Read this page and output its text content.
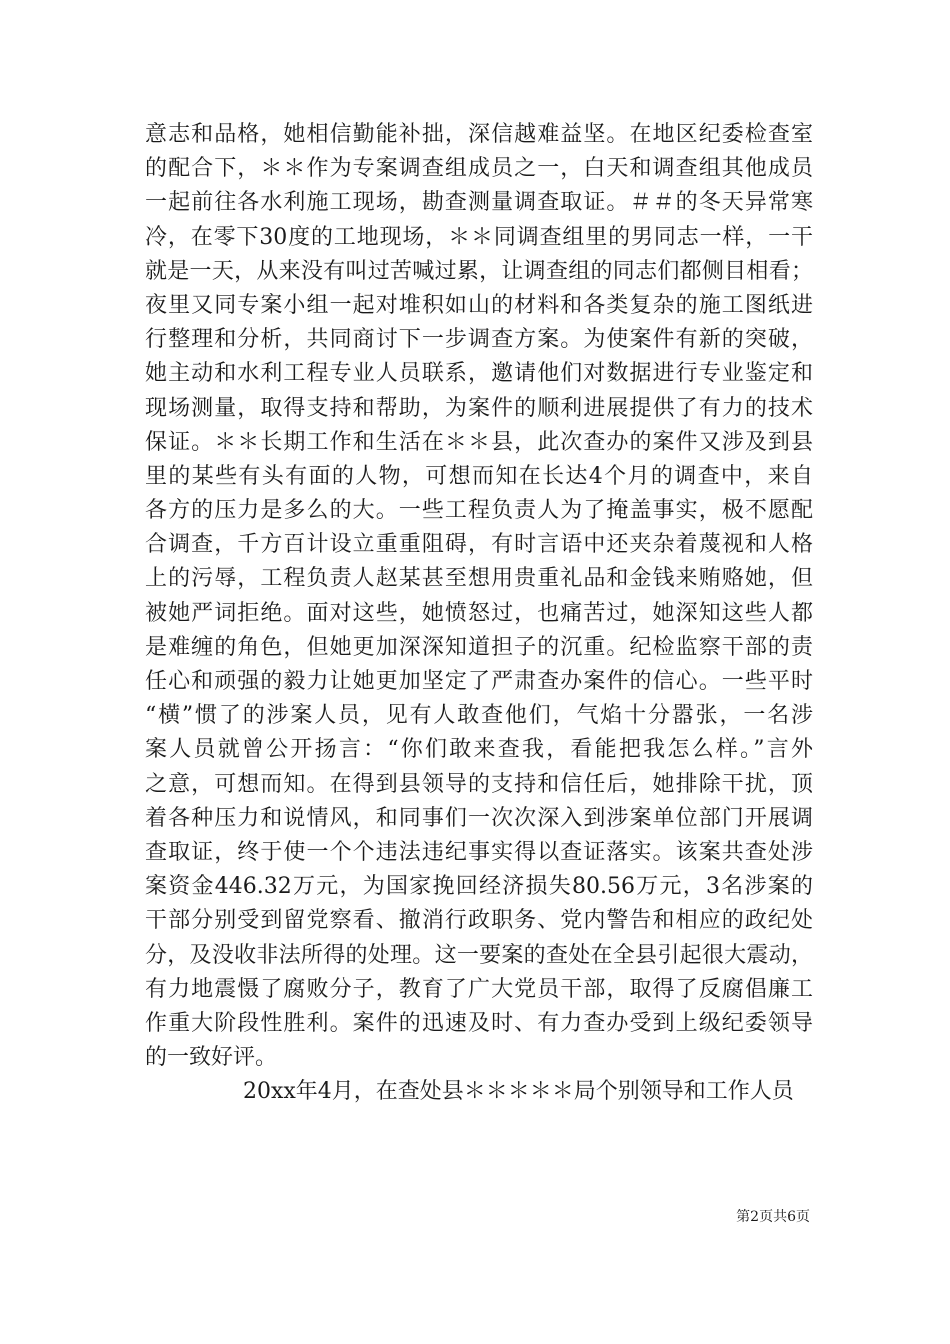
意志和品格，她相信勤能补拙，深信越难益坚。在地区纪委检查室
的配合下，＊＊作为专案调查组成员之一，白天和调查组其他成员
一起前往各水利施工现场，勘查测量调查取证。＃＃的冬天异常寒
冷，在零下30度的工地现场，＊＊同调查组里的男同志一样，一干
就是一天，从来没有叫过苦喊过累，让调查组的同志们都侧目相看；
夜里又同专案小组一起对堆积如山的材料和各类复杂的施工图纸进
行整理和分析，共同商讨下一步调查方案。为使案件有新的突破，
她主动和水利工程专业人员联系，邀请他们对数据进行专业鉴定和
现场测量，取得支持和帮助，为案件的顺利进展提供了有力的技术
保证。＊＊长期工作和生活在＊＊县，此次查办的案件又涉及到县
里的某些有头有面的人物，可想而知在长达4个月的调查中，来自
各方的压力是多么的大。一些工程负责人为了掩盖事实，极不愿配
合调查，千方百计设立重重阻碍，有时言语中还夹杂着蔑视和人格
上的污辱，工程负责人赵某甚至想用贵重礼品和金钱来贿赂她，但
被她严词拒绝。面对这些，她愤怒过，也痛苦过，她深知这些人都
是难缠的角色，但她更加深深知道担子的沉重。纪检监察干部的责
任心和顽强的毅力让她更加坚定了严肃查办案件的信心。一些平时
“横”惯了的涉案人员，见有人敢查他们，气焰十分嚣张，一名涉
案人员就曾公开扬言：“你们敢来查我，看能把我怎么样。”言外
之意，可想而知。在得到县领导的支持和信任后，她排除干扰，顶
着各种压力和说情风，和同事们一次次深入到涉案单位部门开展调
查取证，终于使一个个违法违纪事实得以查证落实。该案共查处涉
案资金446.32万元，为国家挽回经济损失80.56万元，3名涉案的
干部分别受到留党察看、撤消行政职务、党内警告和相应的政纪处
分，及没收非法所得的处理。这一要案的查处在全县引起很大震动，
有力地震慑了腐败分子，教育了广大党员干部，取得了反腐倡廉工
作重大阶段性胜利。案件的迅速及时、有力查办受到上级纪委领导
的一致好评。
20xx年4月，在查处县＊＊＊＊＊局个别领导和工作人员
第2页共6页
